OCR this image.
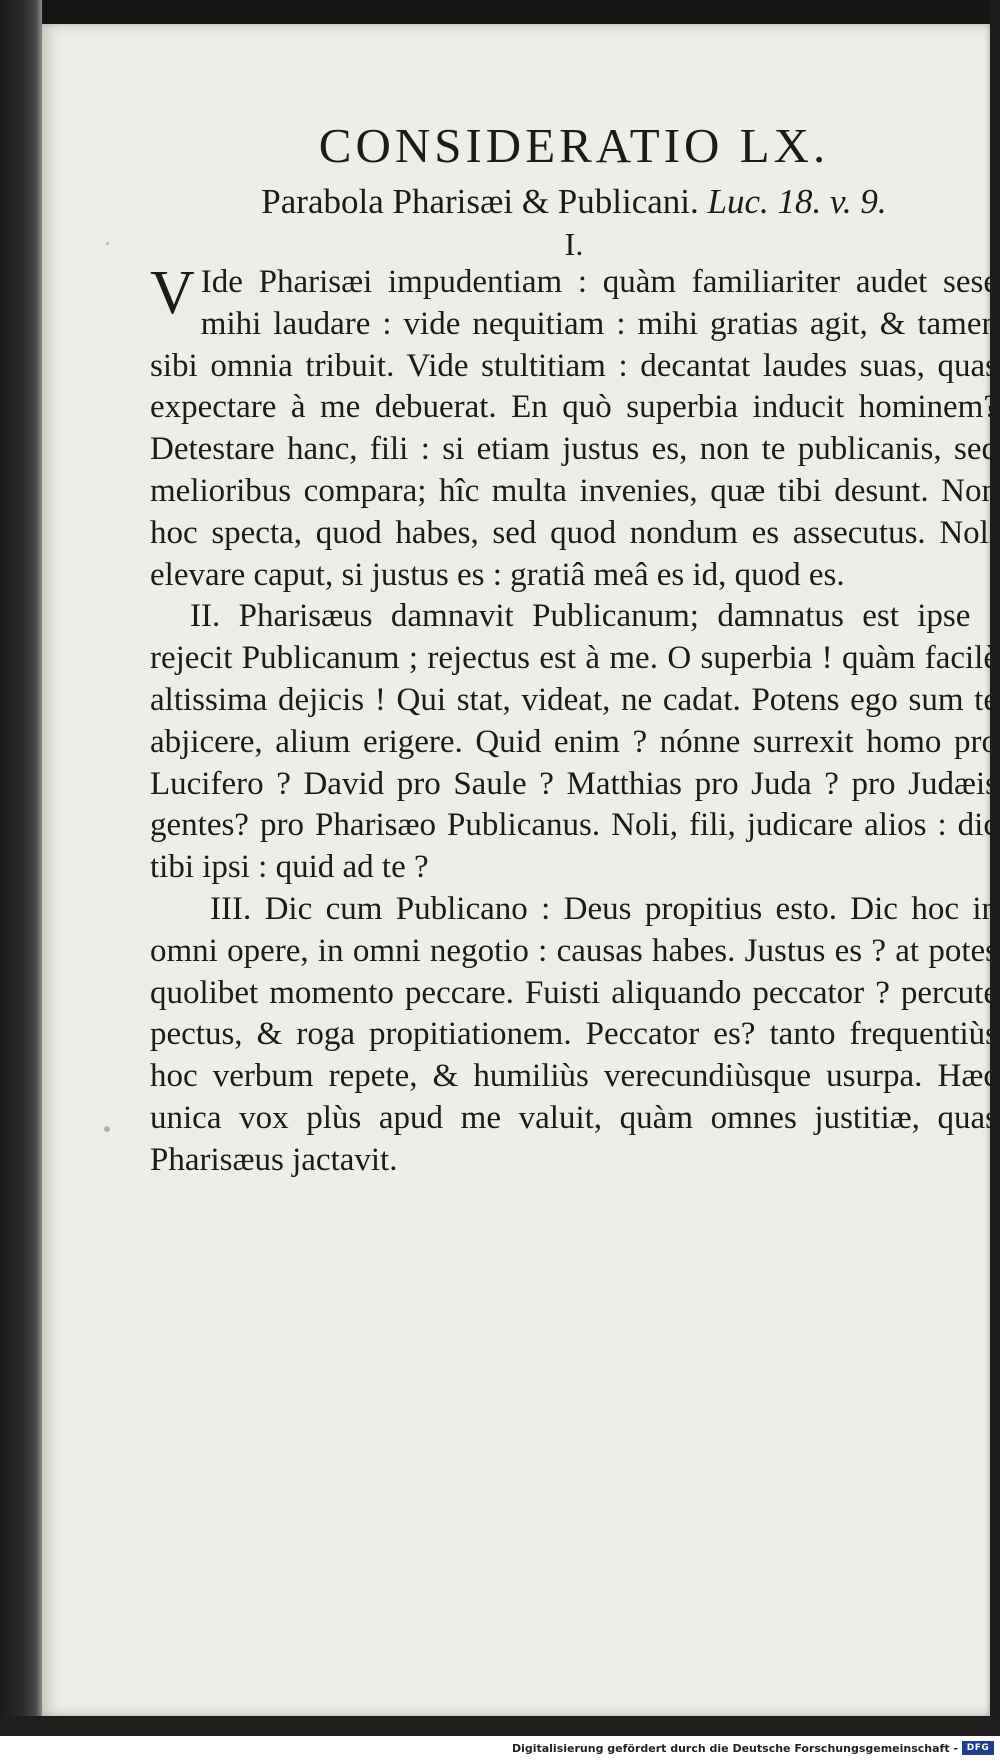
CONSIDERATIO LX.
Parabola Pharisæi & Publicani. Luc. 18. v. 9.
I.

V Ide Pharisæi impudentiam : quàm familiariter audet sese mihi laudare : vide nequitiam : mihi gratias agit, & tamen sibi omnia tribuit. Vide stultitiam : decantat laudes suas, quas expectare à me debuerat. En quò superbia inducit hominem? Detestare hanc, fili : si etiam justus es, non te publicanis, sed melioribus compara; hîc multa invenies, quæ tibi desunt. Non hoc specta, quod habes, sed quod nondum es assecutus. Noli elevare caput, si justus es : gratiâ meâ es id, quod es.

II. Pharisæus damnavit Publicanum; damnatus est ipse : rejecit Publicanum ; rejectus est à me. O superbia ! quàm facilè altissima dejicis ! Qui stat, videat, ne cadat. Potens ego sum te abjicere, alium erigere. Quid enim ? nónne surrexit homo pro Lucifero ? David pro Saule ? Matthias pro Juda ? pro Judæis gentes? pro Pharisæo Publicanus. Noli, fili, judicare alios : dic tibi ipsi : quid ad te ?

III. Dic cum Publicano : Deus propitius esto. Dic hoc in omni opere, in omni negotio : causas habes. Justus es ? at potes quolibet momento peccare. Fuisti aliquando peccator ? percute pectus, & roga propitiationem. Peccator es? tanto frequentiùs hoc verbum repete, & humiliùs verecundiùsque usurpa. Hæc unica vox plùs apud me valuit, quàm omnes justitiæ, quas Pharisæus jactavit.

Digitalisierung gefördert durch die Deutsche Forschungsgemeinschaft - DFG
